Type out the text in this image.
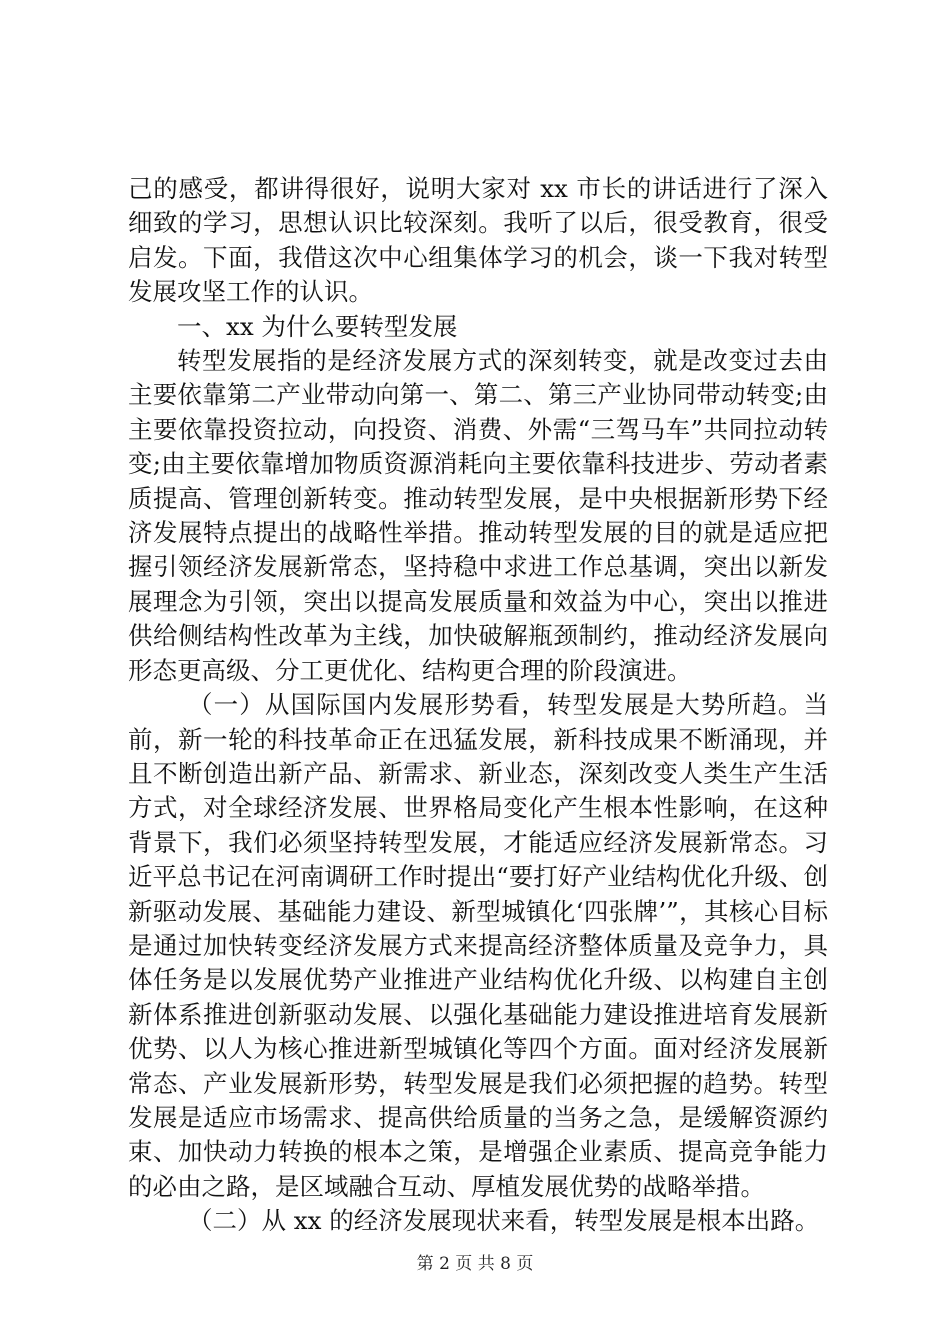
己的感受，都讲得很好，说明大家对 xx 市长的讲话进行了深入细致的学习，思想认识比较深刻。我听了以后，很受教育，很受启发。下面，我借这次中心组集体学习的机会，谈一下我对转型发展攻坚工作的认识。

一、xx 为什么要转型发展

转型发展指的是经济发展方式的深刻转变，就是改变过去由主要依靠第二产业带动向第一、第二、第三产业协同带动转变;由主要依靠投资拉动，向投资、消费、外需“三驾马车”共同拉动转变;由主要依靠增加物质资源消耗向主要依靠科技进步、劳动者素质提高、管理创新转变。推动转型发展，是中央根据新形势下经济发展特点提出的战略性举措。推动转型发展的目的就是适应把握引领经济发展新常态，坚持稳中求进工作总基调，突出以新发展理念为引领，突出以提高发展质量和效益为中心，突出以推进供给侧结构性改革为主线，加快破解瓶颈制约，推动经济发展向形态更高级、分工更优化、结构更合理的阶段演进。

（一）从国际国内发展形势看，转型发展是大势所趋。当前，新一轮的科技革命正在迅猛发展，新科技成果不断涌现，并且不断创造出新产品、新需求、新业态，深刻改变人类生产生活方式，对全球经济发展、世界格局变化产生根本性影响，在这种背景下，我们必须坚持转型发展，才能适应经济发展新常态。习近平总书记在河南调研工作时提出“要打好产业结构优化升级、创新驱动发展、基础能力建设、新型城镇化‘四张牌’”，其核心目标是通过加快转变经济发展方式来提高经济整体质量及竞争力，具体任务是以发展优势产业推进产业结构优化升级、以构建自主创新体系推进创新驱动发展、以强化基础能力建设推进培育发展新优势、以人为核心推进新型城镇化等四个方面。面对经济发展新常态、产业发展新形势，转型发展是我们必须把握的趋势。转型发展是适应市场需求、提高供给质量的当务之急，是缓解资源约束、加快动力转换的根本之策，是增强企业素质、提高竞争能力的必由之路，是区域融合互动、厚植发展优势的战略举措。

（二）从 xx 的经济发展现状来看，转型发展是根本出路。

第 2 页 共 8 页
